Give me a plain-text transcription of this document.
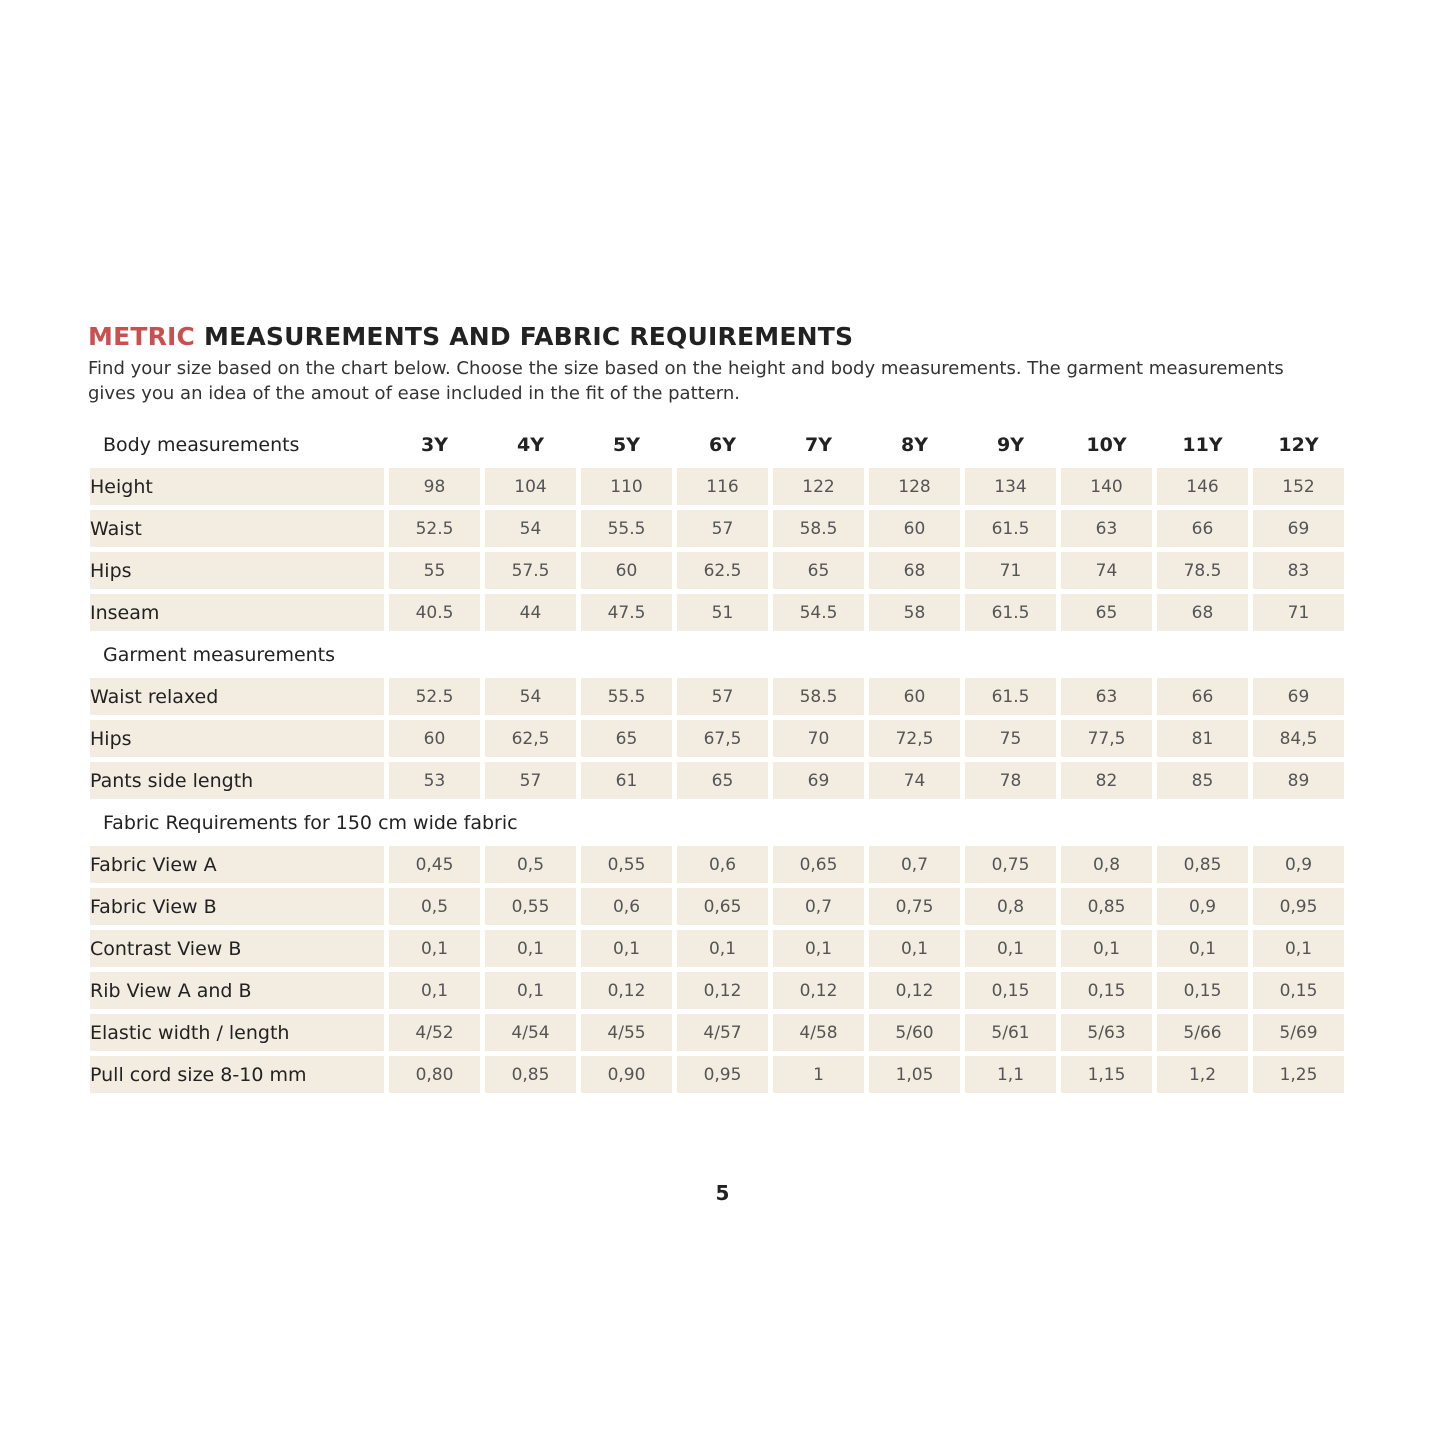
METRIC MEASUREMENTS AND FABRIC REQUIREMENTS

Find your size based on the chart below. Choose the size based on the height and body measurements. The garment measurements
gives you an idea of the amout of ease included in the fit of the pattern.

Body measurements	3Y	4Y	5Y	6Y	7Y	8Y	9Y	10Y	11Y	12Y
Height	98	104	110	116	122	128	134	140	146	152
Waist	52.5	54	55.5	57	58.5	60	61.5	63	66	69
Hips	55	57.5	60	62.5	65	68	71	74	78.5	83
Inseam	40.5	44	47.5	51	54.5	58	61.5	65	68	71
Garment measurements										
Waist relaxed	52.5	54	55.5	57	58.5	60	61.5	63	66	69
Hips	60	62,5	65	67,5	70	72,5	75	77,5	81	84,5
Pants side length	53	57	61	65	69	74	78	82	85	89
Fabric Requirements for 150 cm wide fabric										
Fabric View A	0,45	0,5	0,55	0,6	0,65	0,7	0,75	0,8	0,85	0,9
Fabric View B	0,5	0,55	0,6	0,65	0,7	0,75	0,8	0,85	0,9	0,95
Contrast View B	0,1	0,1	0,1	0,1	0,1	0,1	0,1	0,1	0,1	0,1
Rib View A and B	0,1	0,1	0,12	0,12	0,12	0,12	0,15	0,15	0,15	0,15
Elastic width / length	4/52	4/54	4/55	4/57	4/58	5/60	5/61	5/63	5/66	5/69
Pull cord size 8-10 mm	0,80	0,85	0,90	0,95	1	1,05	1,1	1,15	1,2	1,25
5
